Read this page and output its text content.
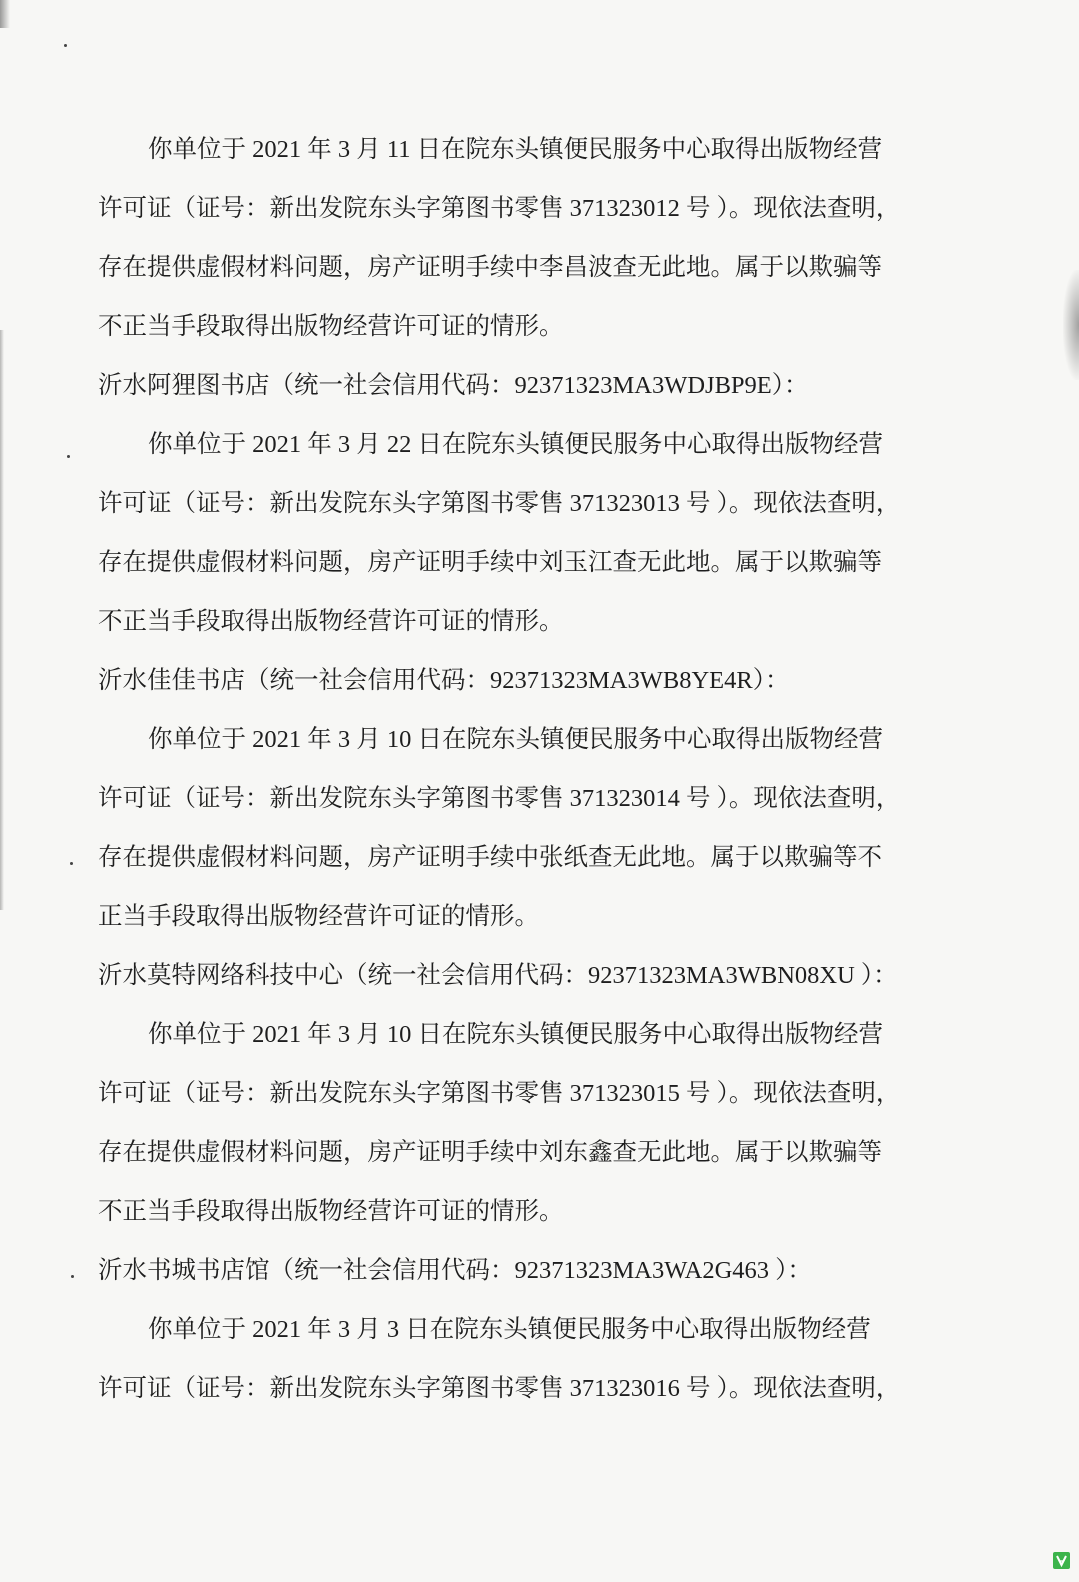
你单位于 2021 年 3 月 11 日在院东头镇便民服务中心取得出版物经营
许可证（证号：新出发院东头字第图书零售 371323012 号 ）。现依法查明，
存在提供虚假材料问题，房产证明手续中李昌波查无此地。属于以欺骗等
不正当手段取得出版物经营许可证的情形。
沂水阿狸图书店（统一社会信用代码：92371323MA3WDJBP9E）：
你单位于 2021 年 3 月 22 日在院东头镇便民服务中心取得出版物经营
许可证（证号：新出发院东头字第图书零售 371323013 号 ）。现依法查明，
存在提供虚假材料问题，房产证明手续中刘玉江查无此地。属于以欺骗等
不正当手段取得出版物经营许可证的情形。
沂水佳佳书店（统一社会信用代码：92371323MA3WB8YE4R）：
你单位于 2021 年 3 月 10 日在院东头镇便民服务中心取得出版物经营
许可证（证号：新出发院东头字第图书零售 371323014 号 ）。现依法查明，
存在提供虚假材料问题，房产证明手续中张纸查无此地。属于以欺骗等不
正当手段取得出版物经营许可证的情形。
沂水莫特网络科技中心（统一社会信用代码：92371323MA3WBN08XU ）：
你单位于 2021 年 3 月 10 日在院东头镇便民服务中心取得出版物经营
许可证（证号：新出发院东头字第图书零售 371323015 号 ）。现依法查明，
存在提供虚假材料问题，房产证明手续中刘东鑫查无此地。属于以欺骗等
不正当手段取得出版物经营许可证的情形。
沂水书城书店馆（统一社会信用代码：92371323MA3WA2G463 ）：
你单位于 2021 年 3 月 3 日在院东头镇便民服务中心取得出版物经营
许可证（证号：新出发院东头字第图书零售 371323016 号 ）。现依法查明，
